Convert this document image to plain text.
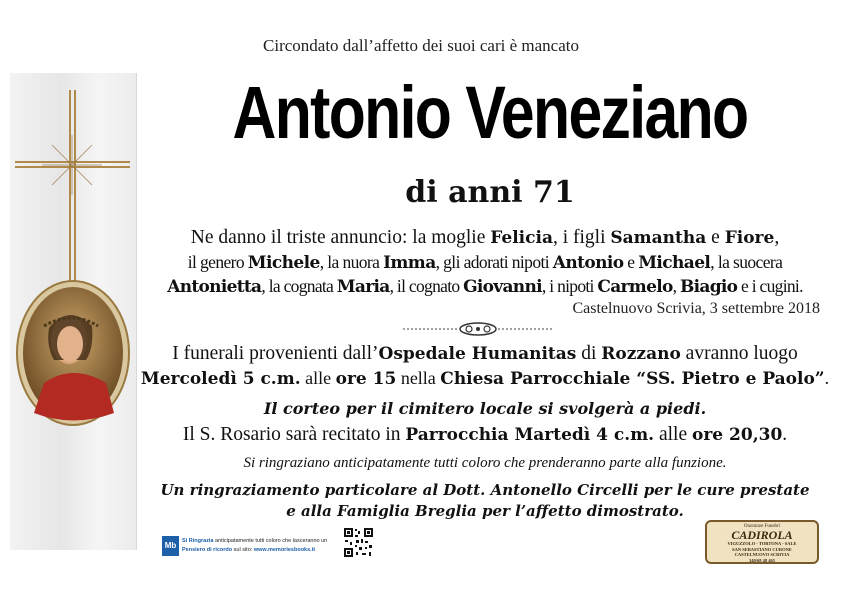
Circondato dall’affetto dei suoi cari è mancato
Antonio Veneziano
di anni 71
Ne danno il triste annuncio: la moglie Felicia, i figli Samantha e Fiore,
il genero Michele, la nuora Imma, gli adorati nipoti Antonio e Michael, la suocera
Antonietta, la cognata Maria, il cognato Giovanni, i nipoti Carmelo, Biagio e i cugini.
Castelnuovo Scrivia, 3 settembre 2018
I funerali provenienti dall’Ospedale Humanitas di Rozzano avranno luogo
Mercoledì 5 c.m. alle ore 15 nella Chiesa Parrocchiale “SS. Pietro e Paolo”.
Il corteo per il cimitero locale si svolgerà a piedi.
Il S. Rosario sarà recitato in Parrocchia Martedì 4 c.m. alle ore 20,30.
Si ringraziano anticipatamente tutti coloro che prenderanno parte alla funzione.
Un ringraziamento particolare al Dott. Antonello Circelli per le cure prestate
e alla Famiglia Breglia per l’affetto dimostrato.
Mb	Si Ringrazia anticipatamente tutti coloro che lasceranno un
Pensiero di ricordo sul sito: www.memoriesbooks.it
Onoranze Funebri
CADIROLA
VIGUZZOLO - TORTONA - SALE
SAN SEBASTIANO CURONE
CASTELNUOVO SCRIVIA
340/68 48 465
